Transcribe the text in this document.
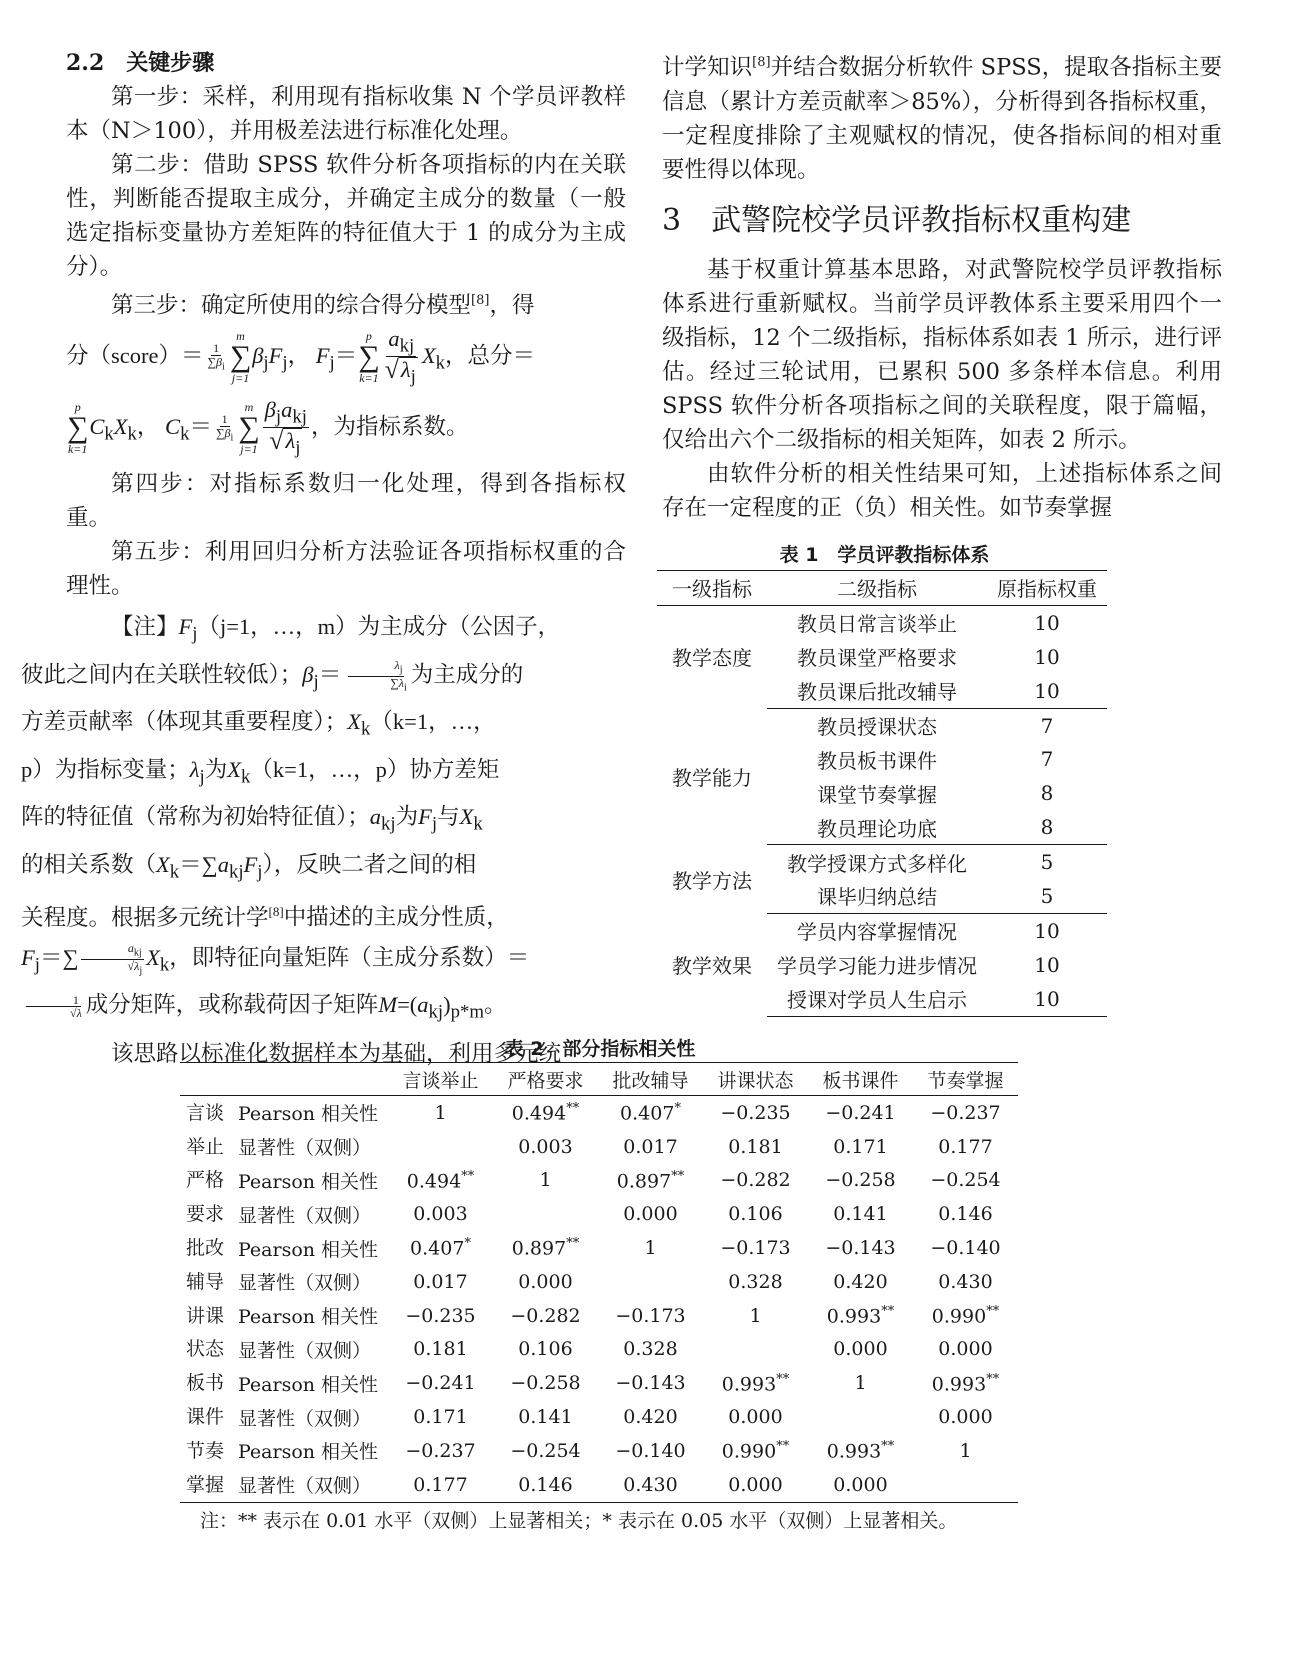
2.2　关键步骤

第一步：采样，利用现有指标收集 N 个学员评教样本（N＞100），并用极差法进行标准化处理。

第二步：借助 SPSS 软件分析各项指标的内在关联性，判断能否提取主成分，并确定主成分的数量（一般选定指标变量协方差矩阵的特征值大于 1 的成分为主成分）。

第三步：确定所使用的综合得分模型[8]，得

分（score）＝ $\frac{1}{\sum\beta_i}$
m
∑
j=1
$\beta_jF_j$， $F_j=$
p
∑
$k=1 \frac{a_{kj}}{√ \lambda_j} X_k$，总分＝
p
∑
k=1
$C_kX_k$， $C_k= \frac{1}{\sum\beta_i}$
m
∑
$j=1 \frac{\beta_ja_{kj}}{√ \lambda_j}$ ，为指标系数。

第四步：对指标系数归一化处理，得到各指标权重。

第五步：利用回归分析方法验证各项指标权重的合理性。

【注】$F_j(j=1$，…，m）为主成分（公因子，
彼此之间内在关联性较低）；$\beta_j= \frac{\lambda_j}{\sum\lambda_i}$ 为主成分的
方差贡献率（体现其重要程度）；$X_k(k=1$，…，
p）为指标变量；$\lambda_j$为$X_k(k=1$，…，p）协方差矩
阵的特征值（常称为初始特征值）；$a_{kj}$为$F_j$与$X_k$
的相关系数$(X_k=\sum a_{kj}F_j)$，反映二者之间的相
关程度。根据多元统计学[8]中描述的主成分性质，
$F_j=\sum \frac{a_{kj}}{√\lambda_j} X_k$，即特征向量矩阵（主成分系数）＝

$\frac{1}{√\lambda}$ 成分矩阵，或称载荷因子矩阵$M=(a_{kj})_{p*m}$。

该思路以标准化数据样本为基础，利用多元统

计学知识[8]并结合数据分析软件 SPSS，提取各指标主要信息（累计方差贡献率＞85%），分析得到各指标权重，一定程度排除了主观赋权的情况，使各指标间的相对重要性得以体现。

3　武警院校学员评教指标权重构建

基于权重计算基本思路，对武警院校学员评教指标体系进行重新赋权。当前学员评教体系主要采用四个一级指标，12 个二级指标，指标体系如表 1 所示，进行评估。经过三轮试用，已累积 500 多条样本信息。利用 SPSS 软件分析各项指标之间的关联程度，限于篇幅，仅给出六个二级指标的相关矩阵，如表 2 所示。

由软件分析的相关性结果可知，上述指标体系之间存在一定程度的正（负）相关性。如节奏掌握

表 1　学员评教指标体系
一级指标	二级指标	原指标权重
教学态度	教员日常言谈举止	10
	教员课堂严格要求	10
	教员课后批改辅导	10
教学能力	教员授课状态	7
	教员板书课件	7
	课堂节奏掌握	8
	教员理论功底	8
教学方法	教学授课方式多样化	5
	课毕归纳总结	5
教学效果	学员内容掌握情况	10
	学员学习能力进步情况	10
	授课对学员人生启示	10
表 2　部分指标相关性
		言谈举止	严格要求	批改辅导	讲课状态	板书课件	节奏掌握
言谈	Pearson 相关性	1	0.494**	0.407*	−0.235	−0.241	−0.237
举止	显著性（双侧）		0.003	0.017	0.181	0.171	0.177
严格	Pearson 相关性	0.494**	1	0.897**	−0.282	−0.258	−0.254
要求	显著性（双侧）	0.003		0.000	0.106	0.141	0.146
批改	Pearson 相关性	0.407*	0.897**	1	−0.173	−0.143	−0.140
辅导	显著性（双侧）	0.017	0.000		0.328	0.420	0.430
讲课	Pearson 相关性	−0.235	−0.282	−0.173	1	0.993**	0.990**
状态	显著性（双侧）	0.181	0.106	0.328		0.000	0.000
板书	Pearson 相关性	−0.241	−0.258	−0.143	0.993**	1	0.993**
课件	显著性（双侧）	0.171	0.141	0.420	0.000		0.000
节奏	Pearson 相关性	−0.237	−0.254	−0.140	0.990**	0.993**	1
掌握	显著性（双侧）	0.177	0.146	0.430	0.000	0.000	
注：** 表示在 0.01 水平（双侧）上显著相关；* 表示在 0.05 水平（双侧）上显著相关。
